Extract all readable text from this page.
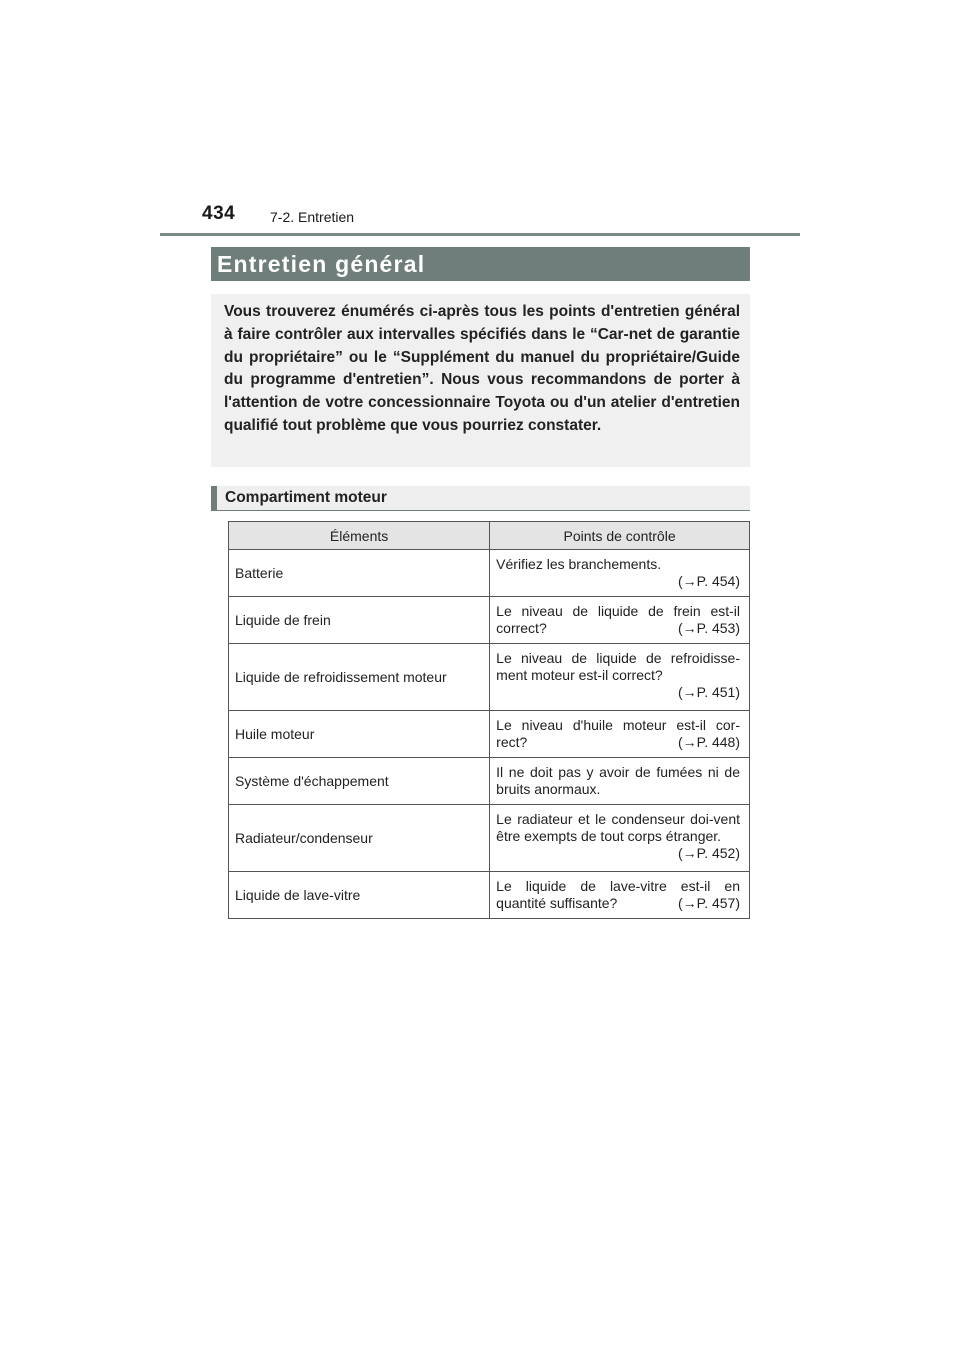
434 7-2. Entretien
Entretien général

Vous trouverez énumérés ci-après tous les points d'entretien général à faire contrôler aux intervalles spécifiés dans le “Car-net de garantie du propriétaire” ou le “Supplément du manuel du propriétaire/Guide du programme d'entretien”. Nous vous recommandons de porter à l'attention de votre concessionnaire Toyota ou d'un atelier d'entretien qualifié tout problème que vous pourriez constater.

Compartiment moteur
Éléments	Points de contrôle
Batterie	Vérifiez les branchements.
(→P. 454)

Liquide de frein	Le niveau de liquide de frein est-il correct? (→P. 453)

Liquide de refroidissement moteur	Le niveau de liquide de refroidisse-ment moteur est-il correct?
(→P. 451)

Huile moteur	Le niveau d'huile moteur est-il cor-rect? (→P. 448)

Système d'échappement	Il ne doit pas y avoir de fumées ni de bruits anormaux.
Radiateur/condenseur	Le radiateur et le condenseur doi-vent être exempts de tout corps étranger.
(→P. 452)

Liquide de lave-vitre	Le liquide de lave-vitre est-il en quantité suffisante? (→P. 457)
